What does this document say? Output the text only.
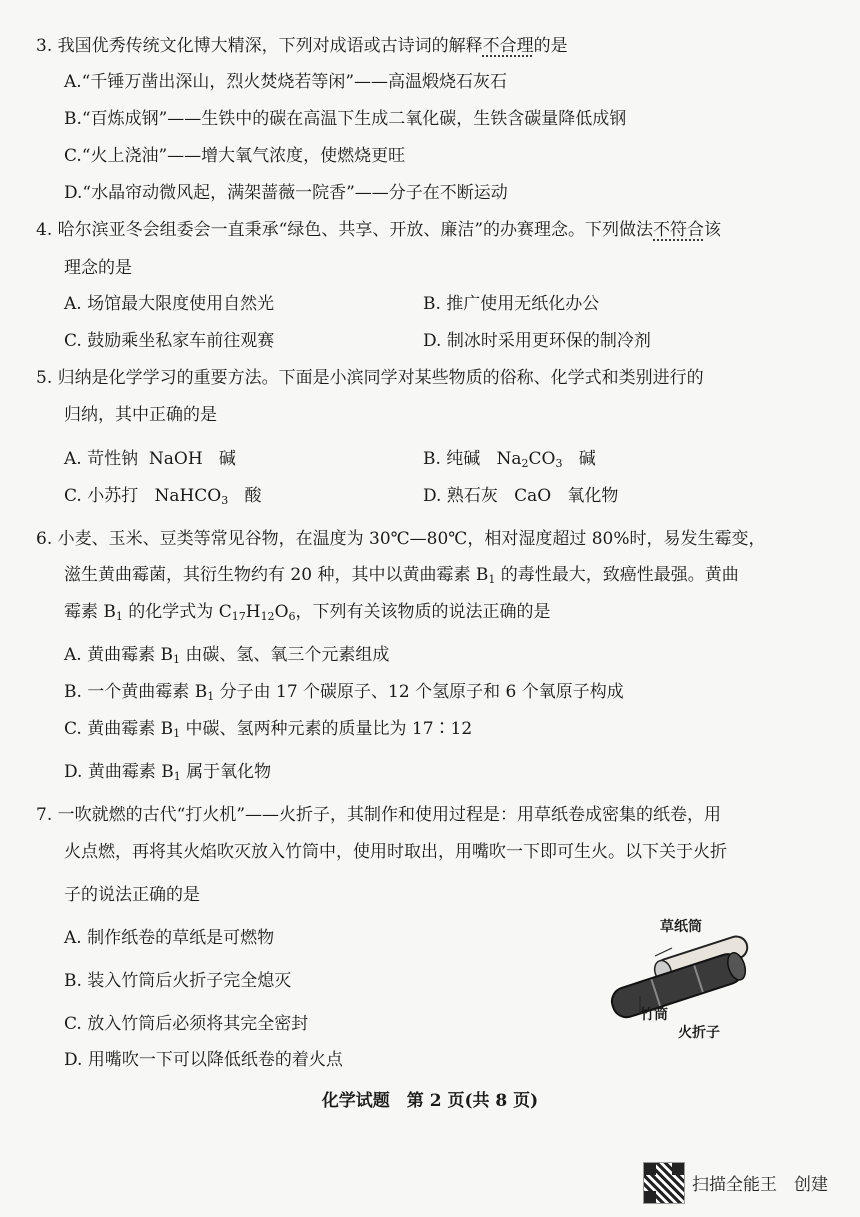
3. 我国优秀传统文化博大精深，下列对成语或古诗词的解释不合理的是
A.“千锤万凿出深山，烈火焚烧若等闲”——高温煅烧石灰石
B.“百炼成钢”——生铁中的碳在高温下生成二氧化碳，生铁含碳量降低成钢
C.“火上浇油”——增大氧气浓度，使燃烧更旺
D.“水晶帘动微风起，满架蔷薇一院香”——分子在不断运动
4. 哈尔滨亚冬会组委会一直秉承“绿色、共享、开放、廉洁”的办赛理念。下列做法不符合该
理念的是
A. 场馆最大限度使用自然光	B. 推广使用无纸化办公
C. 鼓励乘坐私家车前往观赛	D. 制冰时采用更环保的制冷剂
5. 归纳是化学学习的重要方法。下面是小滨同学对某些物质的俗称、化学式和类别进行的
归纳，其中正确的是
A. 苛性钠 NaOH 碱	B. 纯碱 $Na_2CO_3$ 碱
C. 小苏打 NaHCO$_3$ 酸	D. 熟石灰 CaO 氧化物
6. 小麦、玉米、豆类等常见谷物，在温度为 30℃—80℃，相对湿度超过 80%时，易发生霉变，
滋生黄曲霉菌，其衍生物约有 20 种，其中以黄曲霉素 $B_1$ 的毒性最大，致癌性最强。黄曲
霉素 $B_1$ 的化学式为 $C_{17}H_{12}O_6$，下列有关该物质的说法正确的是
A. 黄曲霉素 $B_1$ 由碳、氢、氧三个元素组成
B. 一个黄曲霉素 $B_1$ 分子由 17 个碳原子、12 个氢原子和 6 个氧原子构成
C. 黄曲霉素 $B_1$ 中碳、氢两种元素的质量比为 17∶12
D. 黄曲霉素 $B_1$ 属于氧化物
7. 一吹就燃的古代“打火机”——火折子，其制作和使用过程是：用草纸卷成密集的纸卷，用
火点燃，再将其火焰吹灭放入竹筒中，使用时取出，用嘴吹一下即可生火。以下关于火折
子的说法正确的是
A. 制作纸卷的草纸是可燃物
B. 装入竹筒后火折子完全熄灭
C. 放入竹筒后必须将其完全密封
D. 用嘴吹一下可以降低纸卷的着火点
草纸筒
竹筒
火折子
化学试题　第 2 页(共 8 页)
扫描全能王　创建
